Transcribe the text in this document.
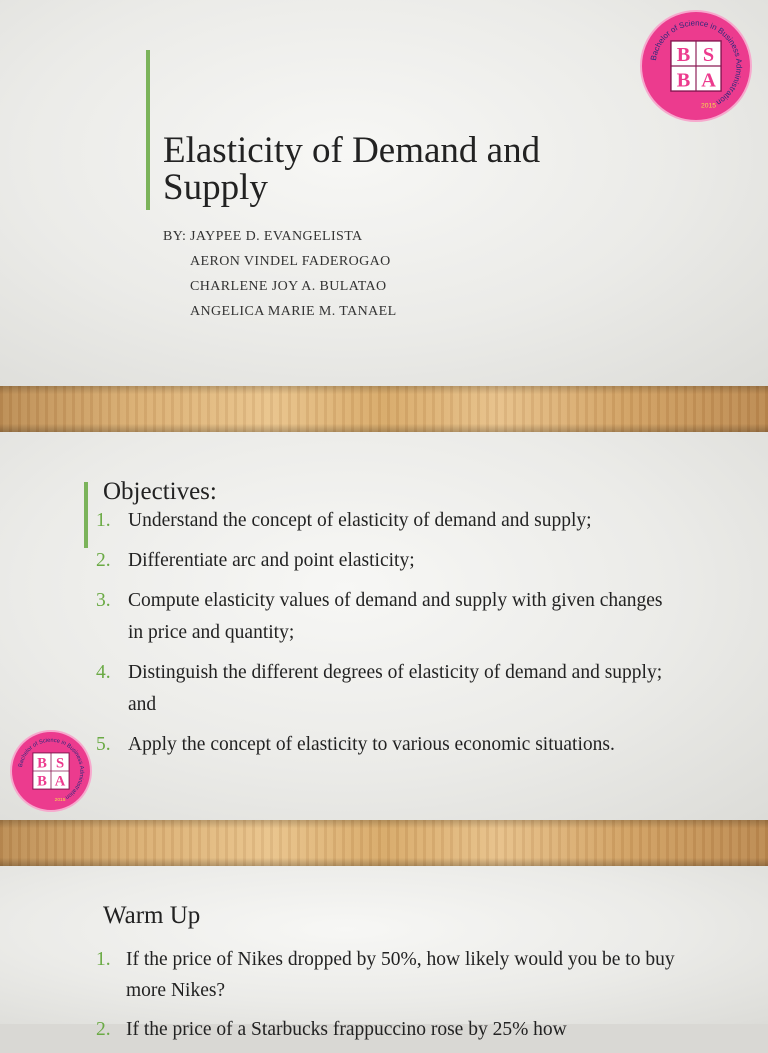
Elasticity of Demand and Supply
BY: JAYPEE D. EVANGELISTA
AERON VINDEL FADEROGAO
CHARLENE JOY A. BULATAO
ANGELICA MARIE M. TANAEL
Bachelor of Science in Business Administration
B S
B A
2015
Objectives:
1. Understand the concept of elasticity of demand and supply;
2. Differentiate arc and point elasticity;
3. Compute elasticity values of demand and supply with given changes in price and quantity;
4. Distinguish the different degrees of elasticity of demand and supply; and
5. Apply the concept of elasticity to various economic situations.
Bachelor of Science in Business Administration
B S
B A
2015
Warm Up
1. If the price of Nikes dropped by 50%, how likely would you be to buy more Nikes?
2. If the price of a Starbucks frappuccino rose by 25% how
